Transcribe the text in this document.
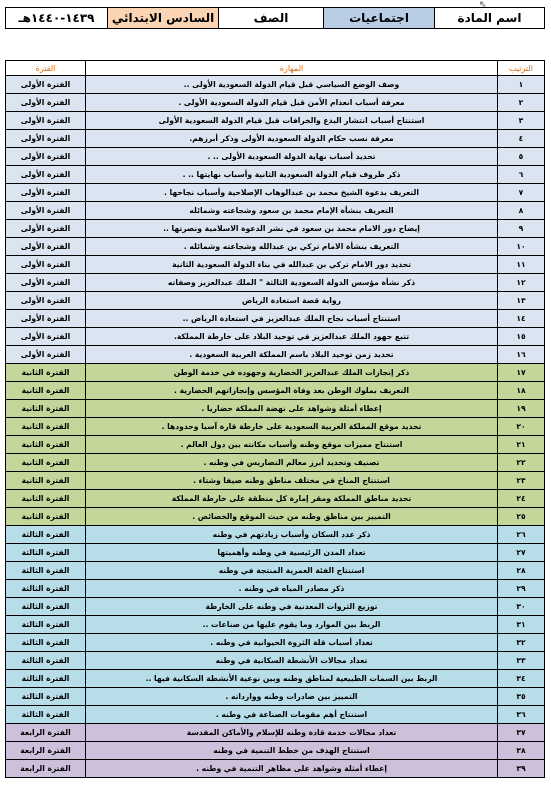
اسم المادة	اجتماعيات	الصف	السادس الابتدائي	١٤٣٩-١٤٤٠هـ
⇖
الترتيب	المهارة	الفترة
١	وصف الوضع السياسي قبل قيام الدولة السعودية الأولى ..	الفترة الأولى
٢	معرفة أسباب انعدام الأمن قبل قيام الدولة السعودية الأولى .	الفترة الأولى
٣	استنتاج أسباب انتشار البدع والخرافات قبل قيام الدولة السعودية الأولى	الفترة الأولى
٤	معرفة نسب حكام الدولة السعودية الأولى وذكر أبرزهم.	الفترة الأولى
٥	تحديد أسباب نهاية الدولة السعودية الأولى .. .	الفترة الأولى
٦	ذكر ظروف قيام الدولة السعودية الثانية وأسباب نهايتها .. .	الفترة الأولى
٧	التعريف بدعوة الشيخ محمد بن عبدالوهاب الإصلاحية وأسباب نجاحها .	الفترة الأولى
٨	التعريف بنشأة الإمام محمد بن سعود وشجاعته وشمائله	الفترة الأولى
٩	إيضاح دور الامام محمد بن سعود في نشر الدعوة الاسلامية ونصرتها ..	الفترة الأولى
١٠	التعريف بنشأة الامام تركي بن عبدالله وشجاعته وشمائله .	الفترة الأولى
١١	تحديد دور الامام تركي بن عبدالله في بناء الدولة السعودية الثانية	الفترة الأولى
١٢	ذكر نشأة مؤسس الدولة السعودية الثالثة " الملك عبدالعزيز وصفاته	الفترة الأولى
١٣	رواية قصة استعادة الرياض	الفترة الأولى
١٤	استنتاج أسباب نجاح الملك عبدالعزيز في استعادة الرياض ..	الفترة الأولى
١٥	تتبع جهود الملك عبدالعزيز في توحيد البلاد على خارطة المملكة.	الفترة الأولى
١٦	تحديد زمن توحيد البلاد باسم المملكة العربية السعودية .	الفترة الأولى
١٧	ذكر إنجازات الملك عبدالعزيز الحضارية وجهوده في خدمة الوطن	الفترة الثانية
١٨	التعريف بملوك الوطن بعد وفاة المؤسس وإنجازاتهم الحضارية .	الفترة الثانية
١٩	إعطاء أمثلة وشواهد على نهضة المملكة حضاريا .	الفترة الثانية
٢٠	تحديد موقع المملكة العربية السعودية على خارطة قارة آسيا وحدودها .	الفترة الثانية
٢١	استنتاج مميزات موقع وطنه وأسباب مكانته بين دول العالم .	الفترة الثانية
٢٢	تصنيف وتحديد أبرز معالم التضاريس في وطنه .	الفترة الثانية
٢٣	استنتاج المناخ في مختلف مناطق وطنه صيفا وشتاء .	الفترة الثانية
٢٤	تحديد مناطق المملكة ومقر إمارة كل منطقة على خارطة المملكة	الفترة الثانية
٢٥	التمييز بين مناطق وطنه من حيث الموقع والخصائص .	الفترة الثانية
٢٦	ذكر عدد السكان وأسباب زيادتهم في وطنه	الفترة الثالثة
٢٧	تعداد المدن الرئيسية في وطنه وأهميتها	الفترة الثالثة
٢٨	استنتاج الفئة العمرية المنتجة في وطنه	الفترة الثالثة
٢٩	ذكر مصادر المياه في وطنه .	الفترة الثالثة
٣٠	توزيع الثروات المعدنية في وطنه على الخارطة	الفترة الثالثة
٣١	الربط بين الموارد وما يقوم عليها من صناعات ..	الفترة الثالثة
٣٢	تعداد أسباب قلة الثروة الحيوانية في وطنه .	الفترة الثالثة
٣٣	تعداد مجالات الأنشطة السكانية في وطنه	الفترة الثالثة
٣٤	الربط بين السمات الطبيعية لمناطق وطنه وبين نوعية الأنشطة السكانية فيها ..	الفترة الثالثة
٣٥	التمييز بين صادرات وطنه ووارداته .	الفترة الثالثة
٣٦	استنتاج أهم مقومات الصناعة في وطنه .	الفترة الثالثة
٣٧	تعداد مجالات خدمة قادة وطنه للإسلام والأماكن المقدسة	الفترة الرابعة
٣٨	استنتاج الهدف من خطط التنمية في وطنه	الفترة الرابعة
٣٩	إعطاء أمثلة وشواهد على مظاهر التنمية في وطنه .	الفترة الرابعة
